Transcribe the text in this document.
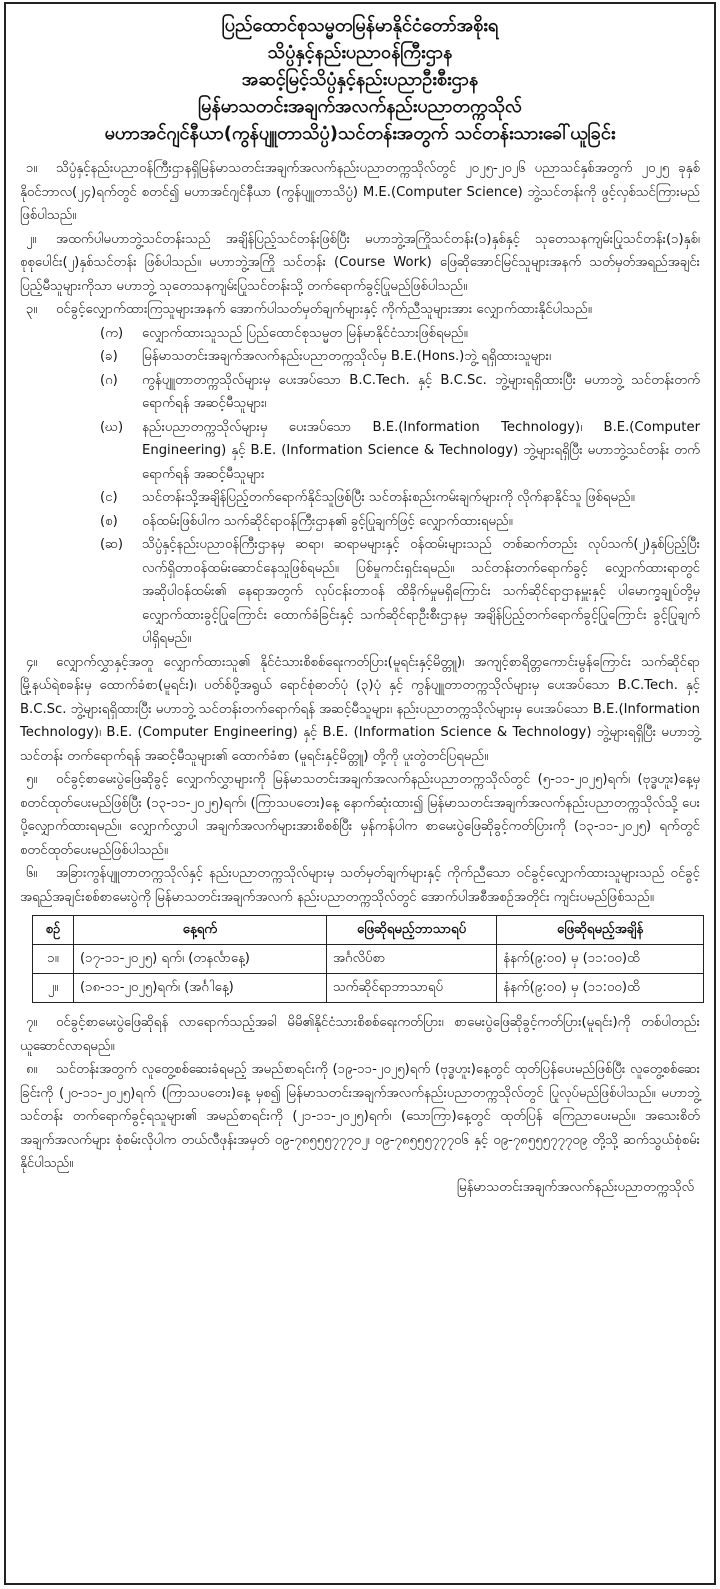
ပြည်ထောင်စုသမ္မတမြန်မာနိုင်ငံတော်အစိုးရ
သိပ္ပံနှင့်နည်းပညာဝန်ကြီးဌာန
အဆင့်မြင့်သိပ္ပံနှင့်နည်းပညာဦးစီးဌာန
မြန်မာသတင်းအချက်အလက်နည်းပညာတက္ကသိုလ်
မဟာအင်ဂျင်နီယာ(ကွန်ပျူတာသိပ္ပံ)သင်တန်းအတွက် သင်တန်းသားခေါ်ယူခြင်း
၁။ သိပ္ပံနှင့်နည်းပညာဝန်ကြီးဌာနရှိမြန်မာသတင်းအချက်အလက်နည်းပညာတက္ကသိုလ်တွင် ၂၀၂၅-၂၀၂၆ ပညာသင်နှစ်အတွက် ၂၀၂၅ ခုနှစ် နိုဝင်ဘာလ(၂၄)ရက်တွင် စတင်၍ မဟာအင်ဂျင်နီယာ (ကွန်ပျူတာသိပ္ပံ) M.E.(Computer Science) ဘွဲ့သင်တန်းကို ဖွင့်လှစ်သင်ကြားမည် ဖြစ်ပါသည်။
၂။ အထက်ပါမဟာဘွဲ့သင်တန်းသည် အချိန်ပြည့်သင်တန်းဖြစ်ပြီး မဟာဘွဲ့အကြိုသင်တန်း(၁)နှစ်နှင့် သုတေသနကျမ်းပြုသင်တန်း(၁)နှစ်၊ စုစုပေါင်း(၂)နှစ်သင်တန်း ဖြစ်ပါသည်။ မဟာဘွဲ့အကြို သင်တန်း (Course Work) ဖြေဆိုအောင်မြင်သူများအနက် သတ်မှတ်အရည်အချင်း ပြည့်မီသူများကိုသာ မဟာဘွဲ့ သုတေသနကျမ်းပြုသင်တန်းသို့ တက်ရောက်ခွင့်ပြုမည်ဖြစ်ပါသည်။
၃။ ဝင်ခွင့်လျှောက်ထားကြသူများအနက် အောက်ပါသတ်မှတ်ချက်များနှင့် ကိုက်ညီသူများအား လျှောက်ထားနိုင်ပါသည်။
(က)	လျှောက်ထားသူသည် ပြည်ထောင်စုသမ္မတ မြန်မာနိုင်ငံသားဖြစ်ရမည်။
(ခ)	မြန်မာသတင်းအချက်အလက်နည်းပညာတက္ကသိုလ်မှ B.E.(Hons.)ဘွဲ့ ရရှိထားသူများ၊
(ဂ)	ကွန်ပျူတာတက္ကသိုလ်များမှ ပေးအပ်သော B.C.Tech. နှင့် B.C.Sc. ဘွဲ့များရရှိထားပြီး မဟာဘွဲ့ သင်တန်းတက်ရောက်ရန် အဆင့်မီသူများ၊
(ဃ)	နည်းပညာတက္ကသိုလ်များမှ ပေးအပ်သော B.E.(Information Technology)၊ B.E.(Computer Engineering) နှင့် B.E. (Information Science & Technology) ဘွဲ့များရရှိပြီး မဟာဘွဲ့သင်တန်း တက်ရောက်ရန် အဆင့်မီသူများ
(င)	သင်တန်းသို့အချိန်ပြည့်တက်ရောက်နိုင်သူဖြစ်ပြီး သင်တန်းစည်းကမ်းချက်များကို လိုက်နာနိုင်သူ ဖြစ်ရမည်။
(စ)	ဝန်ထမ်းဖြစ်ပါက သက်ဆိုင်ရာဝန်ကြီးဌာန၏ ခွင့်ပြုချက်ဖြင့် လျှောက်ထားရမည်။
(ဆ)	သိပ္ပံနှင့်နည်းပညာဝန်ကြီးဌာနမှ ဆရာ၊ ဆရာမများနှင့် ဝန်ထမ်းများသည် တစ်ဆက်တည်း လုပ်သက်(၂)နှစ်ပြည့်ပြီး လက်ရှိတာဝန်ထမ်းဆောင်နေသူဖြစ်ရမည်။ ပြစ်မှုကင်းရှင်းရမည်။ သင်တန်းတက်ရောက်ခွင့် လျှောက်ထားရာတွင် အဆိုပါဝန်ထမ်း၏ နေရာအတွက် လုပ်ငန်းတာဝန် ထိခိုက်မှုမရှိကြောင်း သက်ဆိုင်ရာဌာနမှူးနှင့် ပါမောက္ခချုပ်တို့မှ လျှောက်ထားခွင့်ပြုကြောင်း ထောက်ခံခြင်းနှင့် သက်ဆိုင်ရာဦးစီးဌာနမှ အချိန်ပြည့်တက်ရောက်ခွင့်ပြုကြောင်း ခွင့်ပြုချက်ပါရှိရမည်။
၄။ လျှောက်လွှာနှင့်အတူ လျှောက်ထားသူ၏ နိုင်ငံသားစိစစ်ရေးကတ်ပြား(မူရင်းနှင့်မိတ္တူ)၊ အကျင့်စာရိတ္တကောင်းမွန်ကြောင်း သက်ဆိုင်ရာမြို့နယ်ရဲစခန်းမှ ထောက်ခံစာ(မူရင်း)၊ ပတ်စ်ပို့အရွယ် ရောင်စုံဓာတ်ပုံ (၃)ပုံ နှင့် ကွန်ပျူတာတက္ကသိုလ်များမှ ပေးအပ်သော B.C.Tech. နှင့် B.C.Sc. ဘွဲ့များရရှိထားပြီး မဟာဘွဲ့ သင်တန်းတက်ရောက်ရန် အဆင့်မီသူများ၊ နည်းပညာတက္ကသိုလ်များမှ ပေးအပ်သော B.E.(Information Technology)၊ B.E. (Computer Engineering) နှင့် B.E. (Information Science & Technology) ဘွဲ့များရရှိပြီး မဟာဘွဲ့ သင်တန်း တက်ရောက်ရန် အဆင့်မီသူများ၏ ထောက်ခံစာ (မူရင်းနှင့်မိတ္တူ) တို့ကို ပူးတွဲတင်ပြရမည်။
၅။ ဝင်ခွင့်စာမေးပွဲဖြေဆိုခွင့် လျှောက်လွှာများကို မြန်မာသတင်းအချက်အလက်နည်းပညာတက္ကသိုလ်တွင် (၅-၁၁-၂၀၂၅)ရက်၊ (ဗုဒ္ဓဟူး)နေ့မှ စတင်ထုတ်ပေးမည်ဖြစ်ပြီး (၁၃-၁၁-၂၀၂၅)ရက်၊ (ကြာသပတေး)နေ့ နောက်ဆုံးထား၍ မြန်မာသတင်းအချက်အလက်နည်းပညာတက္ကသိုလ်သို့ ပေးပို့လျှောက်ထားရမည်။ လျှောက်လွှာပါ အချက်အလက်များအားစိစစ်ပြီး မှန်ကန်ပါက စာမေးပွဲဖြေဆိုခွင့်ကတ်ပြားကို (၁၃-၁၁-၂၀၂၅) ရက်တွင် စတင်ထုတ်ပေးမည်ဖြစ်ပါသည်။
၆။ အခြားကွန်ပျူတာတက္ကသိုလ်နှင့် နည်းပညာတက္ကသိုလ်များမှ သတ်မှတ်ချက်များနှင့် ကိုက်ညီသော ဝင်ခွင့်လျှောက်ထားသူများသည် ဝင်ခွင့်အရည်အချင်းစစ်စာမေးပွဲကို မြန်မာသတင်းအချက်အလက် နည်းပညာတက္ကသိုလ်တွင် အောက်ပါအစီအစဉ်အတိုင်း ကျင်းပမည်ဖြစ်သည်။
စဉ်	နေ့ရက်	ဖြေဆိုရမည့်ဘာသာရပ်	ဖြေဆိုရမည့်အချိန်
၁။	(၁၇-၁၁-၂၀၂၅) ရက်၊ (တနင်္လာနေ့)	အင်္ဂလိပ်စာ	နံနက်(၉:၀၀) မှ (၁၁:၀၀)ထိ
၂။	(၁၈-၁၁-၂၀၂၅)ရက်၊ (အင်္ဂါနေ့)	သက်ဆိုင်ရာဘာသာရပ်	နံနက်(၉:၀၀) မှ (၁၁:၀၀)ထိ
၇။ ဝင်ခွင့်စာမေးပွဲဖြေဆိုရန် လာရောက်သည့်အခါ မိမိ၏နိုင်ငံသားစိစစ်ရေးကတ်ပြား၊ စာမေးပွဲဖြေဆိုခွင့်ကတ်ပြား(မူရင်း)ကို တစ်ပါတည်းယူဆောင်လာရမည်။
၈။ သင်တန်းအတွက် လူတွေ့စစ်ဆေးခံရမည့် အမည်စာရင်းကို (၁၉-၁၁-၂၀၂၅)ရက် (ဗုဒ္ဓဟူး)နေ့တွင် ထုတ်ပြန်ပေးမည်ဖြစ်ပြီး လူတွေ့စစ်ဆေးခြင်းကို (၂၀-၁၁-၂၀၂၅)ရက် (ကြာသပတေး)နေ့ မှစ၍ မြန်မာသတင်းအချက်အလက်နည်းပညာတက္ကသိုလ်တွင် ပြုလုပ်မည်ဖြစ်ပါသည်။ မဟာဘွဲ့သင်တန်း တက်ရောက်ခွင့်ရသူများ၏ အမည်စာရင်းကို (၂၁-၁၁-၂၀၂၅)ရက်၊ (သောကြာ)နေ့တွင် ထုတ်ပြန် ကြေညာပေးမည်။ အသေးစိတ်အချက်အလက်များ စုံစမ်းလိုပါက တယ်လီဖုန်းအမှတ် ၀၉-၇၈၅၅၅၇၇၇၀၂၊ ၀၉-၇၈၅၅၅၇၇၇၀၆ နှင့် ၀၉-၇၈၅၅၅၇၇၇၀၉ တို့သို့ ဆက်သွယ်စုံစမ်းနိုင်ပါသည်။
မြန်မာသတင်းအချက်အလက်နည်းပညာတက္ကသိုလ်
